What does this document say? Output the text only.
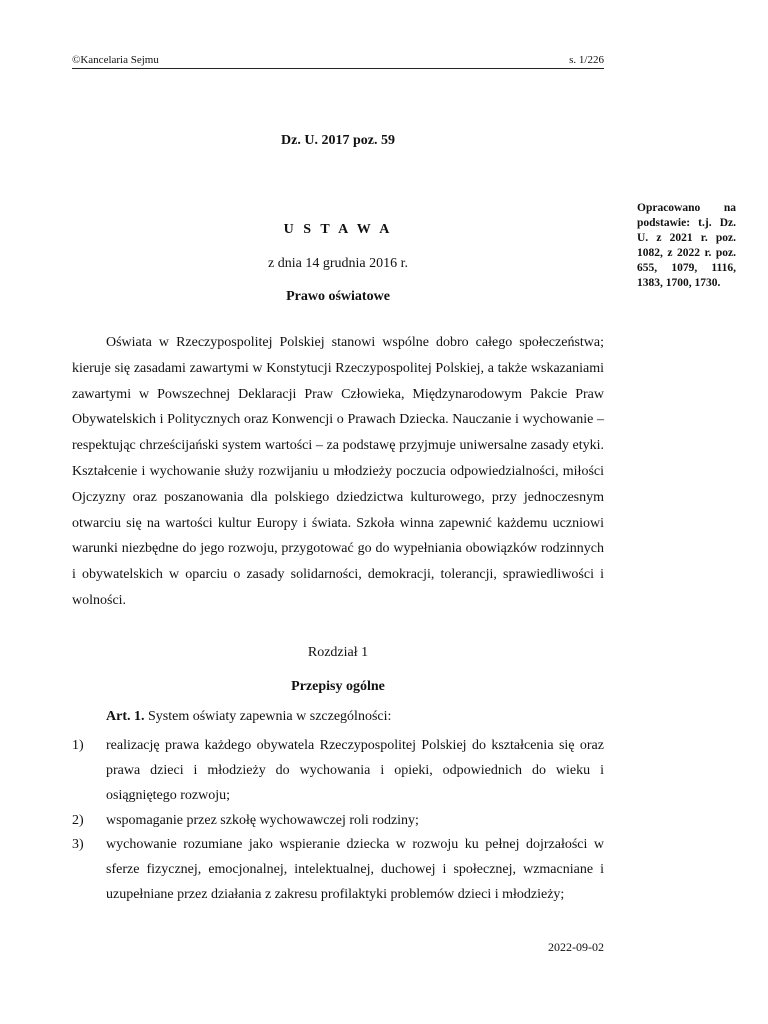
©Kancelaria Sejmu	s. 1/226
Dz. U. 2017 poz. 59
Opracowano na podstawie: t.j. Dz. U. z 2021 r. poz. 1082, z 2022 r. poz. 655, 1079, 1116, 1383, 1700, 1730.
U S T A W A
z dnia 14 grudnia 2016 r.
Prawo oświatowe

Oświata w Rzeczypospolitej Polskiej stanowi wspólne dobro całego społeczeństwa; kieruje się zasadami zawartymi w Konstytucji Rzeczypospolitej Polskiej, a także wskazaniami zawartymi w Powszechnej Deklaracji Praw Człowieka, Międzynarodowym Pakcie Praw Obywatelskich i Politycznych oraz Konwencji o Prawach Dziecka. Nauczanie i wychowanie – respektując chrześcijański system wartości – za podstawę przyjmuje uniwersalne zasady etyki. Kształcenie i wychowanie służy rozwijaniu u młodzieży poczucia odpowiedzialności, miłości Ojczyzny oraz poszanowania dla polskiego dziedzictwa kulturowego, przy jednoczesnym otwarciu się na wartości kultur Europy i świata. Szkoła winna zapewnić każdemu uczniowi warunki niezbędne do jego rozwoju, przygotować go do wypełniania obowiązków rodzinnych i obywatelskich w oparciu o zasady solidarności, demokracji, tolerancji, sprawiedliwości i wolności.

Rozdział 1
Przepisy ogólne

Art. 1. System oświaty zapewnia w szczególności:

1) realizację prawa każdego obywatela Rzeczypospolitej Polskiej do kształcenia się oraz prawa dzieci i młodzieży do wychowania i opieki, odpowiednich do wieku i osiągniętego rozwoju;
2) wspomaganie przez szkołę wychowawczej roli rodziny;
3) wychowanie rozumiane jako wspieranie dziecka w rozwoju ku pełnej dojrzałości w sferze fizycznej, emocjonalnej, intelektualnej, duchowej i społecznej, wzmacniane i uzupełniane przez działania z zakresu profilaktyki problemów dzieci i młodzieży;
2022-09-02
